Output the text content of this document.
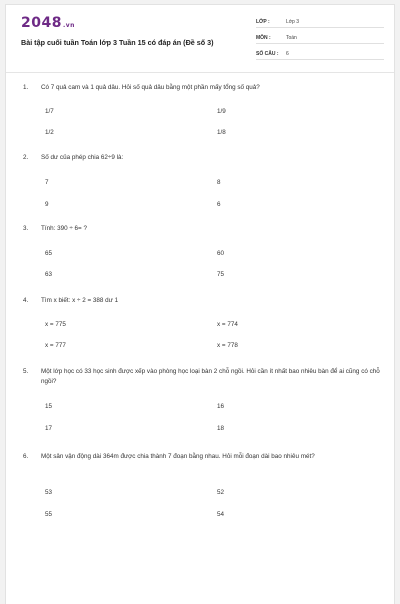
2048.vn
Bài tập cuối tuần Toán lớp 3 Tuần 15 có đáp án (Đề số 3)
LỚP :	Lớp 3
MÔN :	Toán
SỐ CÂU : 6
1. Có 7 quả cam và 1 quả dâu. Hỏi số quả dâu bằng một phần mấy tổng số quả?
1/7	1/9
1/2	1/8
2. Số dư của phép chia 62÷9 là:
7	8
9	6
3. Tính: 390 ÷ 6= ?
65	60
63	75
4. Tìm x biết: x ÷ 2 = 388 dư 1
x = 775	x = 774
x = 777	x = 778
5. Một lớp học có 33 học sinh được xếp vào phòng học loại bàn 2 chỗ ngồi. Hỏi cần ít nhất bao nhiêu bàn để ai cũng có chỗ ngồi?
15	16
17	18
6. Một sân vận động dài 364m được chia thành 7 đoạn bằng nhau. Hỏi mỗi đoạn dài bao nhiêu mét?
53	52
55	54
